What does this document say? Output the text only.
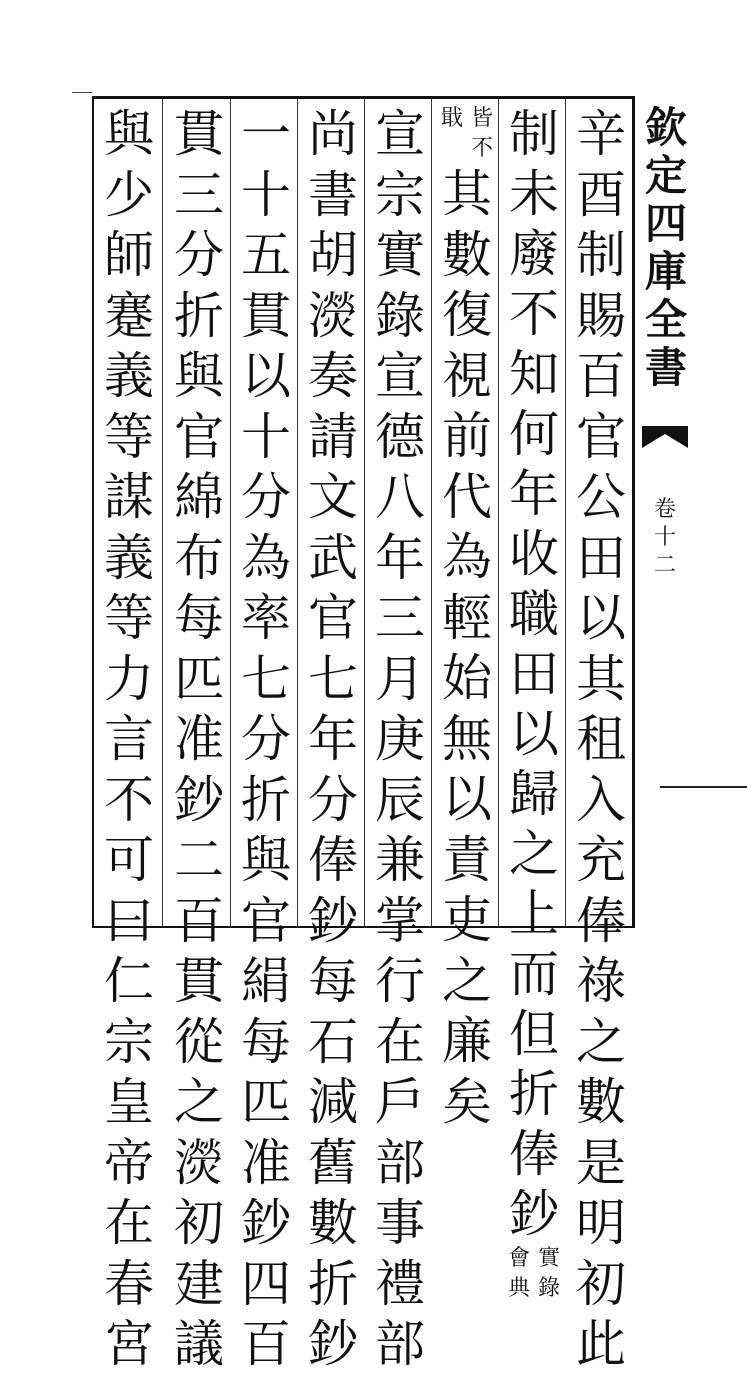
辛酉制賜百官公田以其租入充俸祿之數是明初此
制未廢不知何年收職田以歸之上而但折俸鈔
實錄
會典
皆不
戢
其數復視前代為輕始無以責吏之廉矣
宣宗實錄宣德八年三月庚辰兼掌行在戶部事禮部
尚書胡濙奏請文武官七年分俸鈔每石減舊數折鈔
一十五貫以十分為率七分折與官絹每匹准鈔四百
貫三分折與官綿布每匹准鈔二百貫從之濙初建議
與少師蹇義等謀義等力言不可曰仁宗皇帝在春宮
欽定四庫全書
卷十二
